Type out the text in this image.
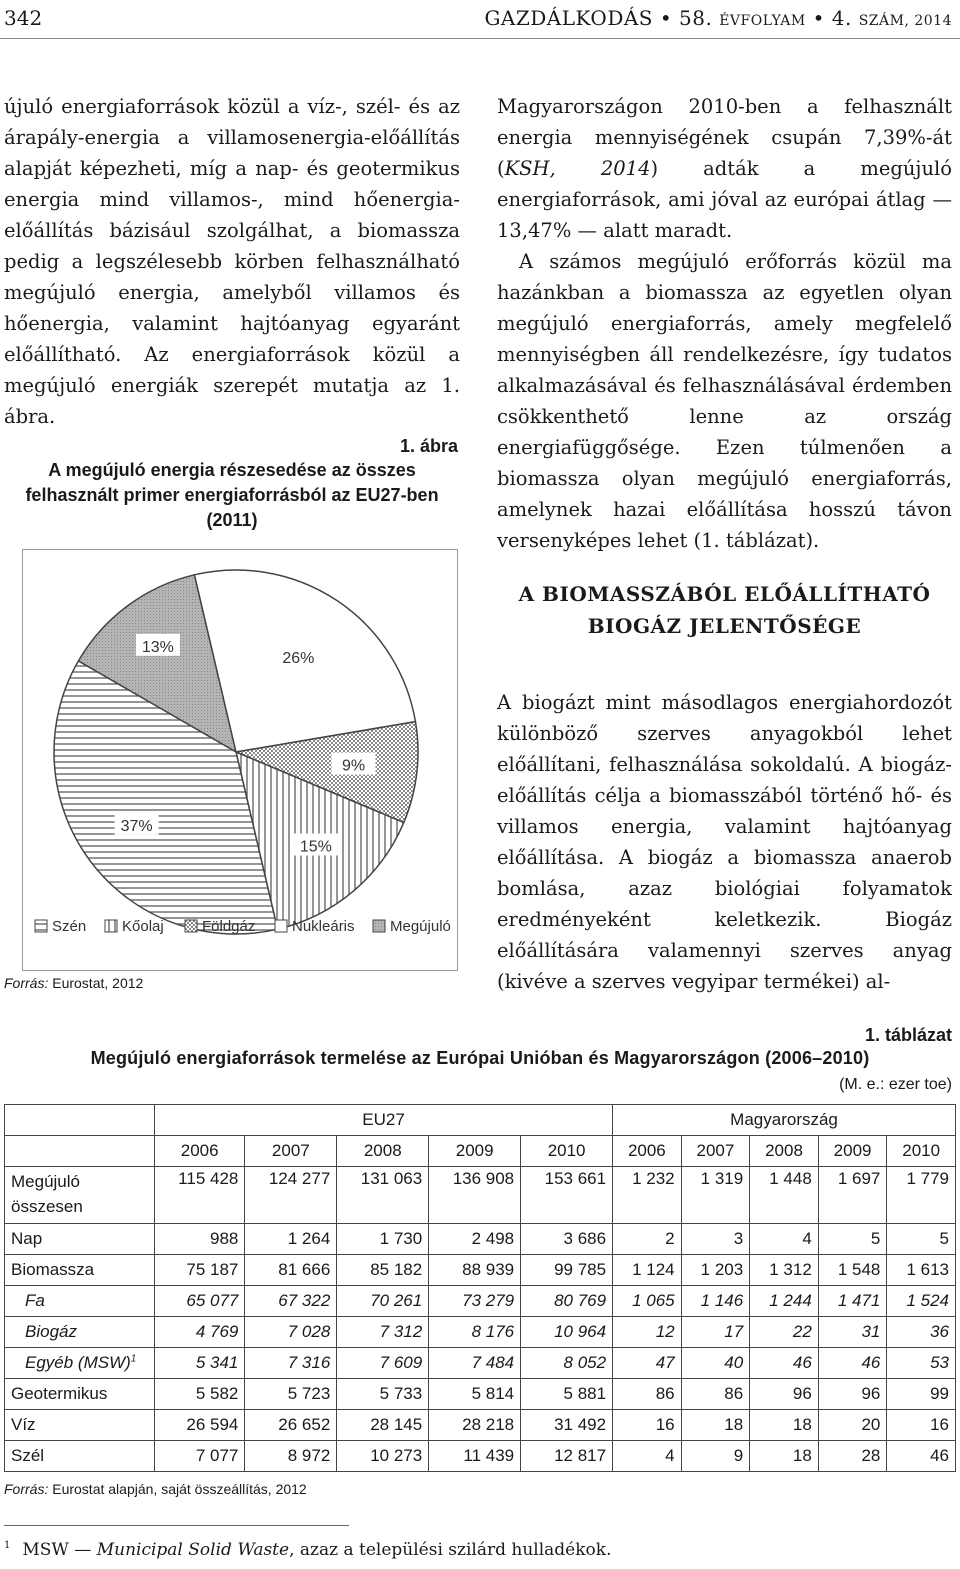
342	GAZDÁLKODÁS • 58. ÉVFOLYAM • 4. SZÁM, 2014

újuló energiaforrások közül a víz-, szél- és az árapály-energia a villamosenergia-előállítás alapját képezheti, míg a nap- és geotermikus energia mind villamos-, mind hőenergia-előállítás bázisául szolgálhat, a biomassza pedig a legszélesebb körben felhasználható megújuló energia, amelyből villamos és hőenergia, valamint hajtóanyag egyaránt előállítható. Az energiaforrások közül a megújuló energiák szerepét mutatja az 1. ábra.

1. ábra
A megújuló energia részesedése az összes felhasznált primer energiaforrásból az EU27-ben (2011)
13%
26%
9%
15%
37%
Szén Kőolaj	Földgáz Nukleáris Megújuló
Forrás: Eurostat, 2012

Magyarországon 2010-ben a felhasznált energia mennyiségének csupán 7,39%-át (KSH, 2014) adták a megújuló energiaforrások, ami jóval az európai átlag — 13,47% — alatt maradt.

A számos megújuló erőforrás közül ma hazánkban a biomassza az egyetlen olyan megújuló energiaforrás, amely megfelelő mennyiségben áll rendelkezésre, így tudatos alkalmazásával és felhasználásával érdemben csökkenthető lenne az ország energiafüggősége. Ezen túlmenően a biomassza olyan megújuló energiaforrás, amelynek hazai előállítása hosszú távon versenyképes lehet (1. táblázat).

A BIOMASSZÁBÓL ELŐÁLLÍTHATÓ BIOGÁZ JELENTŐSÉGE

A biogázt mint másodlagos energiahordozót különböző szerves anyagokból lehet előállítani, felhasználása sokoldalú. A biogáz-előállítás célja a biomasszából történő hő- és villamos energia, valamint hajtóanyag előállítása. A biogáz a biomassza anaerob bomlása, azaz biológiai folyamatok eredményeként keletkezik. Biogáz előállítására valamennyi szerves anyag (kivéve a szerves vegyipar termékei) al-

1. táblázat
Megújuló energiaforrások termelése az Európai Unióban és Magyarországon (2006–2010)
(M. e.: ezer toe)
	EU27					Magyarország				
	2006	2007	2008	2009	2010	2006	2007	2008	2009	2010
Megújuló összesen	115 428	124 277	131 063	136 908	153 661	1 232	1 319	1 448	1 697	1 779
Nap	988	1 264	1 730	2 498	3 686	2	3	4	5	5
Biomassza	75 187	81 666	85 182	88 939	99 785	1 124	1 203	1 312	1 548	1 613
Fa	65 077	67 322	70 261	73 279	80 769	1 065	1 146	1 244	1 471	1 524
Biogáz	4 769	7 028	7 312	8 176	10 964	12	17	22	31	36
Egyéb (MSW)$^1$	5 341	7 316	7 609	7 484	8 052	47	40	46	46	53
Geotermikus	5 582	5 723	5 733	5 814	5 881	86	86	96	96	99
Víz	26 594	26 652	28 145	28 218	31 492	16	18	18	20	16
Szél	7 077	8 972	10 273	11 439	12 817	4	9	18	28	46
Forrás: Eurostat alapján, saját összeállítás, 2012
$^1$ MSW — Municipal Solid Waste, azaz a települési szilárd hulladékok.
